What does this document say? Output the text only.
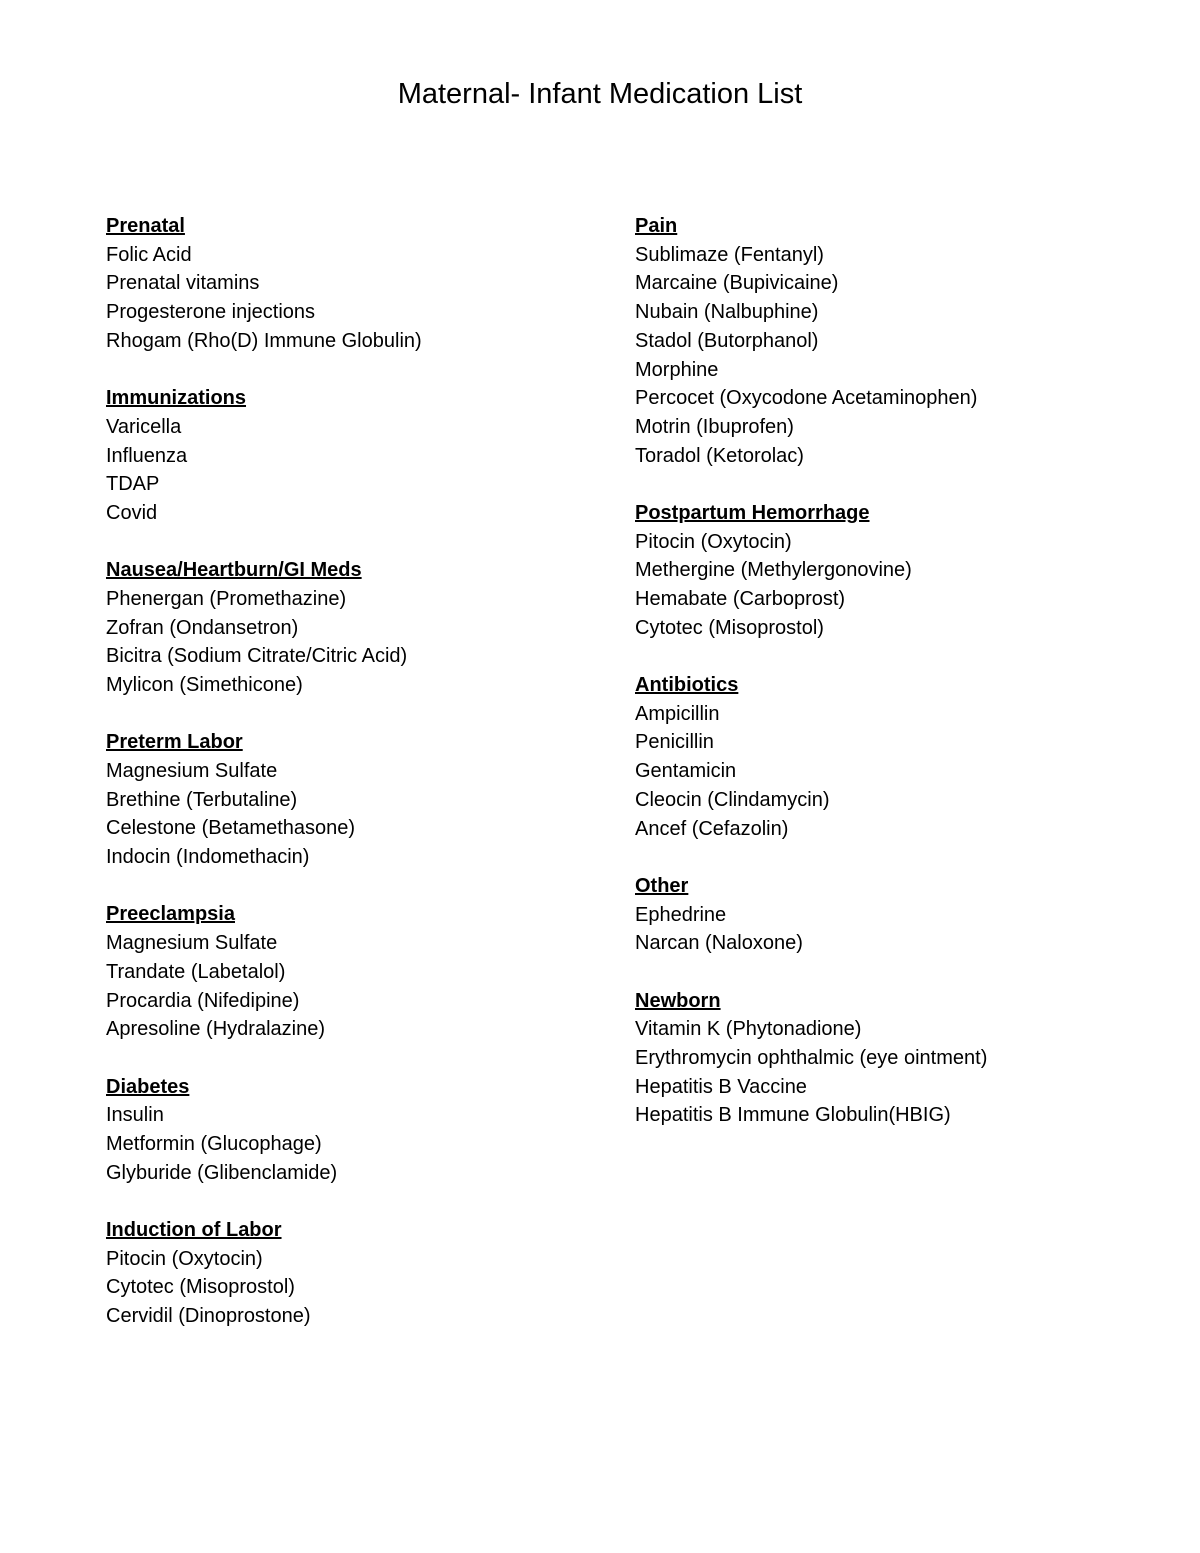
Maternal- Infant Medication List
Prenatal
Folic Acid
Prenatal vitamins
Progesterone injections
Rhogam (Rho(D) Immune Globulin)
Immunizations
Varicella
Influenza
TDAP
Covid
Nausea/Heartburn/GI Meds
Phenergan (Promethazine)
Zofran (Ondansetron)
Bicitra (Sodium Citrate/Citric Acid)
Mylicon (Simethicone)
Preterm Labor
Magnesium Sulfate
Brethine (Terbutaline)
Celestone (Betamethasone)
Indocin (Indomethacin)
Preeclampsia
Magnesium Sulfate
Trandate (Labetalol)
Procardia (Nifedipine)
Apresoline (Hydralazine)
Diabetes
Insulin
Metformin (Glucophage)
Glyburide (Glibenclamide)
Induction of Labor
Pitocin (Oxytocin)
Cytotec (Misoprostol)
Cervidil (Dinoprostone)
Pain
Sublimaze (Fentanyl)
Marcaine (Bupivicaine)
Nubain (Nalbuphine)
Stadol (Butorphanol)
Morphine
Percocet (Oxycodone Acetaminophen)
Motrin (Ibuprofen)
Toradol (Ketorolac)
Postpartum Hemorrhage
Pitocin (Oxytocin)
Methergine (Methylergonovine)
Hemabate (Carboprost)
Cytotec (Misoprostol)
Antibiotics
Ampicillin
Penicillin
Gentamicin
Cleocin (Clindamycin)
Ancef (Cefazolin)
Other
Ephedrine
Narcan (Naloxone)
Newborn
Vitamin K (Phytonadione)
Erythromycin ophthalmic (eye ointment)
Hepatitis B Vaccine
Hepatitis B Immune Globulin(HBIG)
